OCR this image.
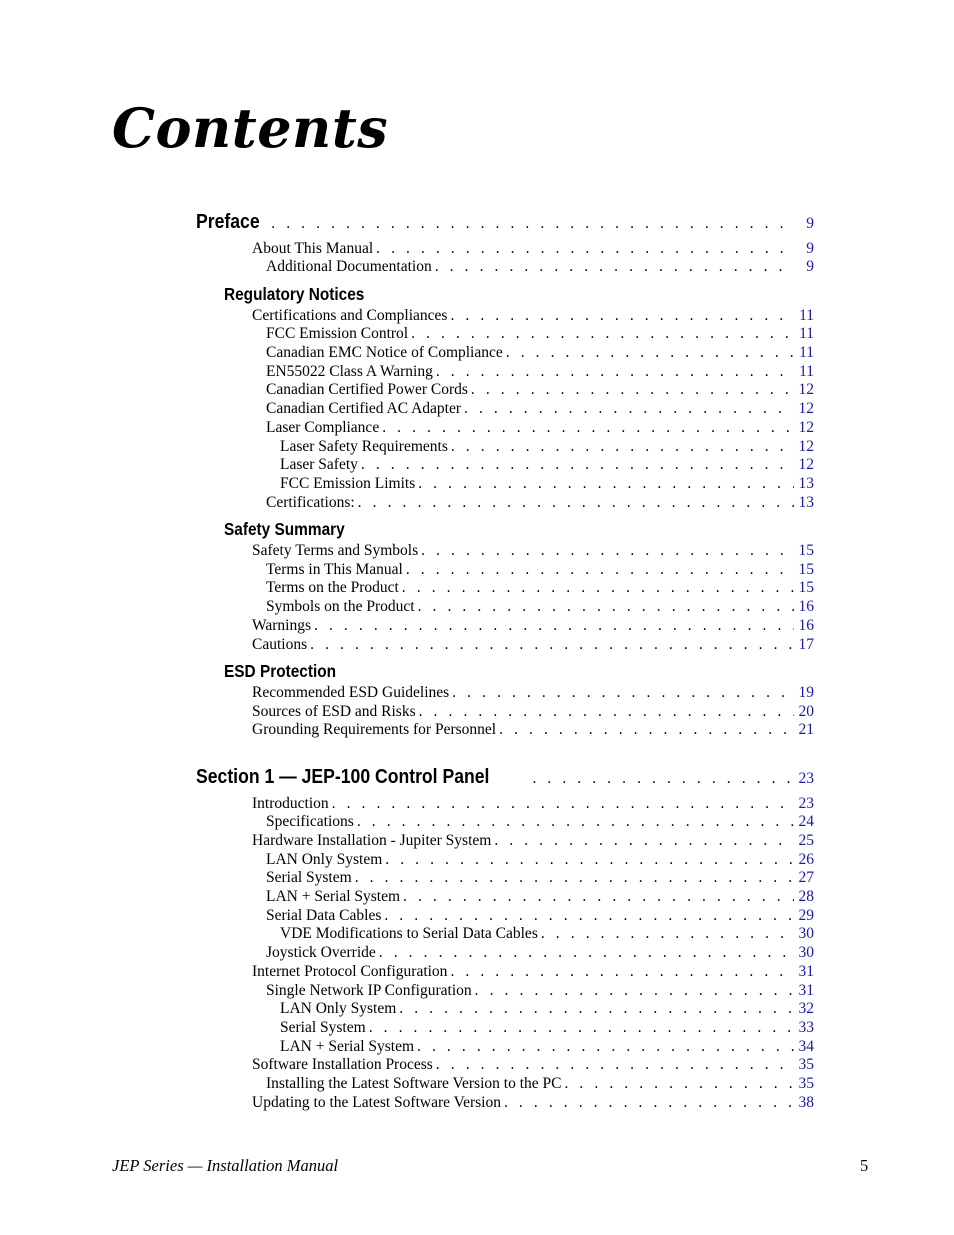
Contents
Preface . . .	9
About This Manual . . .	9
Additional Documentation . . .	9
Regulatory Notices
Certifications and Compliances . . .	11
FCC Emission Control . . .	11
Canadian EMC Notice of Compliance . . .	11
EN55022 Class A Warning . . .	11
Canadian Certified Power Cords . . .	12
Canadian Certified AC Adapter . . .	12
Laser Compliance . . .	12
Laser Safety Requirements . . .	12
Laser Safety . . .	12
FCC Emission Limits . . .	13
Certifications: . . .	13
Safety Summary
Safety Terms and Symbols . . .	15
Terms in This Manual . . .	15
Terms on the Product . . .	15
Symbols on the Product . . .	16
Warnings . . .	16
Cautions . . .	17
ESD Protection
Recommended ESD Guidelines . . .	19
Sources of ESD and Risks . . .	20
Grounding Requirements for Personnel . . .	21
Section 1 — JEP-100 Control Panel . . .	23
Introduction . . .	23
Specifications . . .	24
Hardware Installation - Jupiter System . . .	25
LAN Only System . . .	26
Serial System . . .	27
LAN + Serial System . . .	28
Serial Data Cables . . .	29
VDE Modifications to Serial Data Cables . . .	30
Joystick Override . . .	30
Internet Protocol Configuration . . .	31
Single Network IP Configuration . . .	31
LAN Only System . . .	32
Serial System . . .	33
LAN + Serial System . . .	34
Software Installation Process . . .	35
Installing the Latest Software Version to the PC . . .	35
Updating to the Latest Software Version . . .	38
JEP Series — Installation Manual	5
